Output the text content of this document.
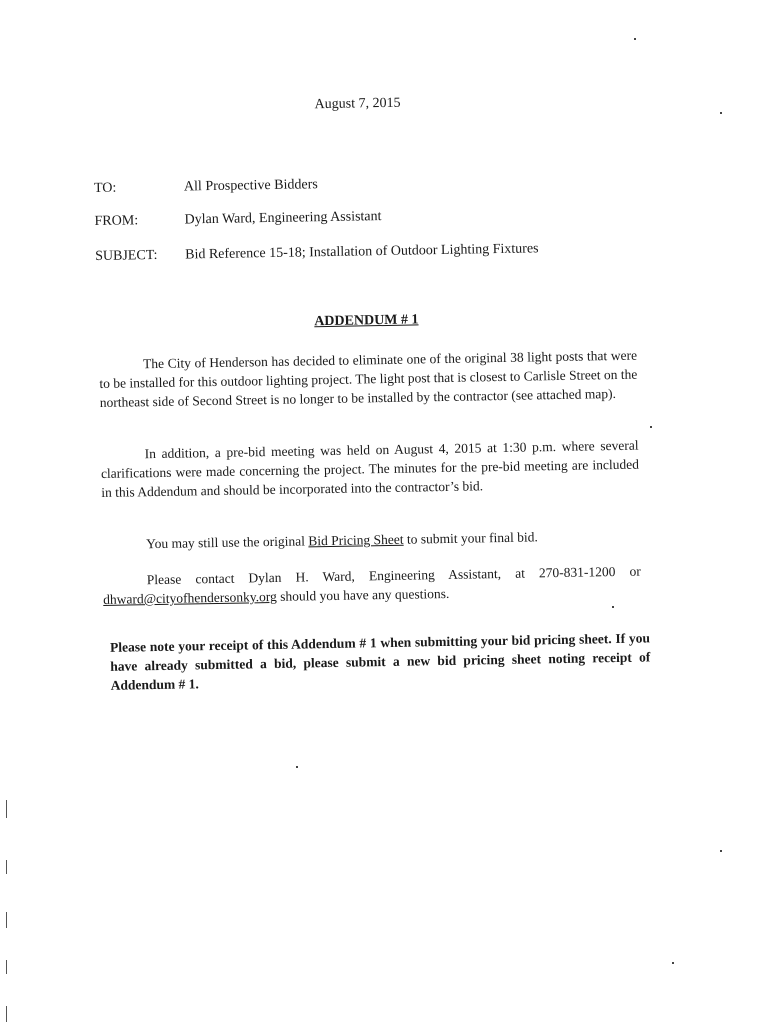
August 7, 2015
TO:	All Prospective Bidders
FROM:	Dylan Ward, Engineering Assistant
SUBJECT: Bid Reference 15-18; Installation of Outdoor Lighting Fixtures
ADDENDUM # 1
The City of Henderson has decided to eliminate one of the original 38 light posts that were to be installed for this outdoor lighting project. The light post that is closest to Carlisle Street on the northeast side of Second Street is no longer to be installed by the contractor (see attached map).
In addition, a pre-bid meeting was held on August 4, 2015 at 1:30 p.m. where several clarifications were made concerning the project. The minutes for the pre-bid meeting are included in this Addendum and should be incorporated into the contractor’s bid.
You may still use the original Bid Pricing Sheet to submit your final bid.
Please contact Dylan H. Ward, Engineering Assistant, at 270-831-1200 or dhward@cityofhendersonky.org should you have any questions.
Please note your receipt of this Addendum # 1 when submitting your bid pricing sheet. If you have already submitted a bid, please submit a new bid pricing sheet noting receipt of Addendum # 1.
